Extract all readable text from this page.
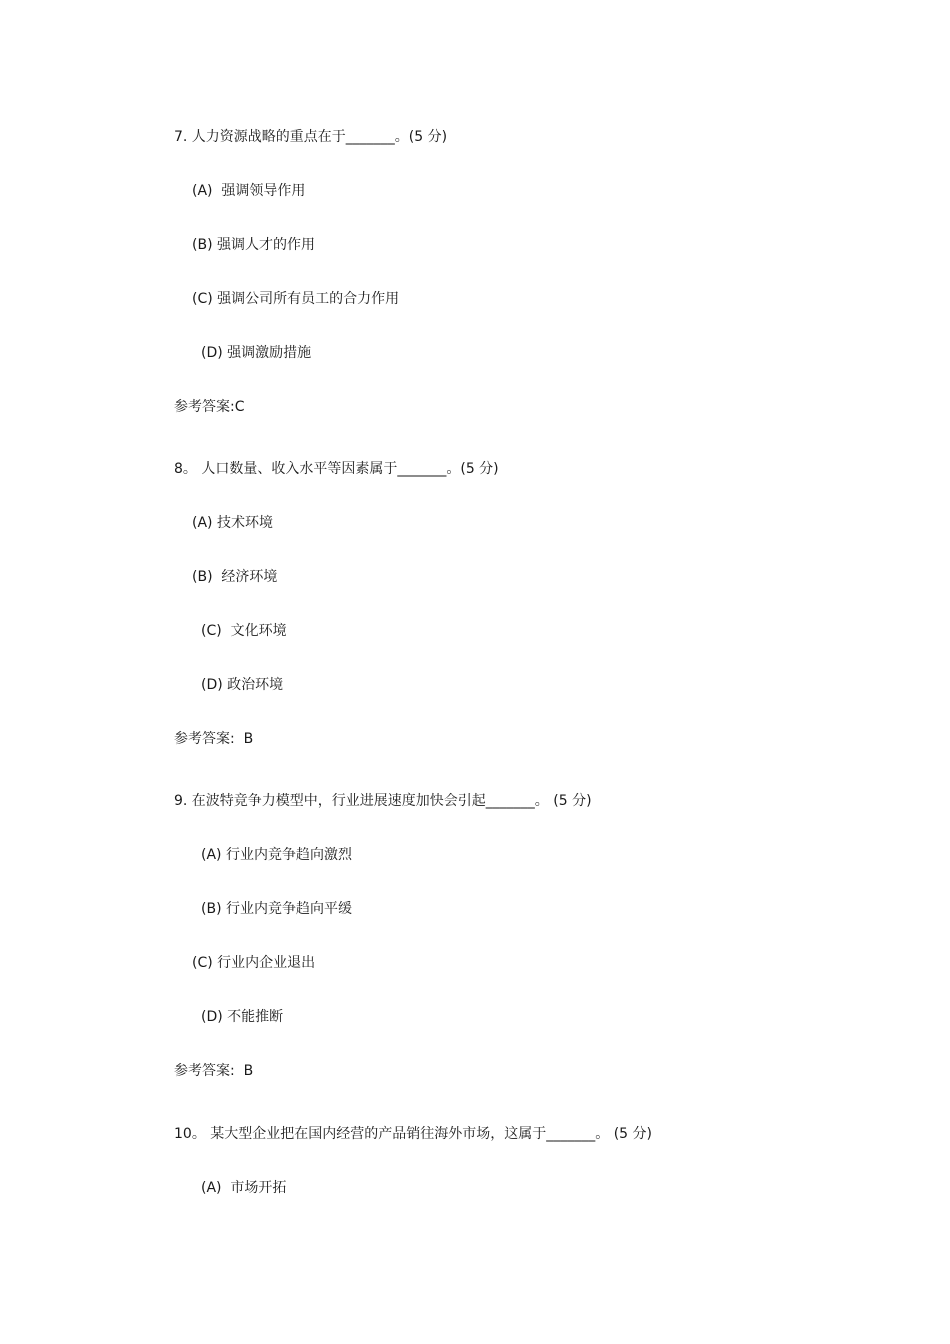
7. 人力资源战略的重点在于_______。(5 分)
(A)  强调领导作用
(B) 强调人才的作用
(C) 强调公司所有员工的合力作用
(D) 强调激励措施
参考答案:C
8。 人口数量、收入水平等因素属于_______。(5 分)
(A) 技术环境
(B)  经济环境
(C)  文化环境
(D) 政治环境
参考答案:  B
9. 在波特竞争力模型中，行业进展速度加快会引起_______。 (5 分)
(A) 行业内竞争趋向激烈
(B) 行业内竞争趋向平缓
(C) 行业内企业退出
(D) 不能推断
参考答案:  B
10。 某大型企业把在国内经营的产品销往海外市场，这属于_______。 (5 分)
(A)  市场开拓
